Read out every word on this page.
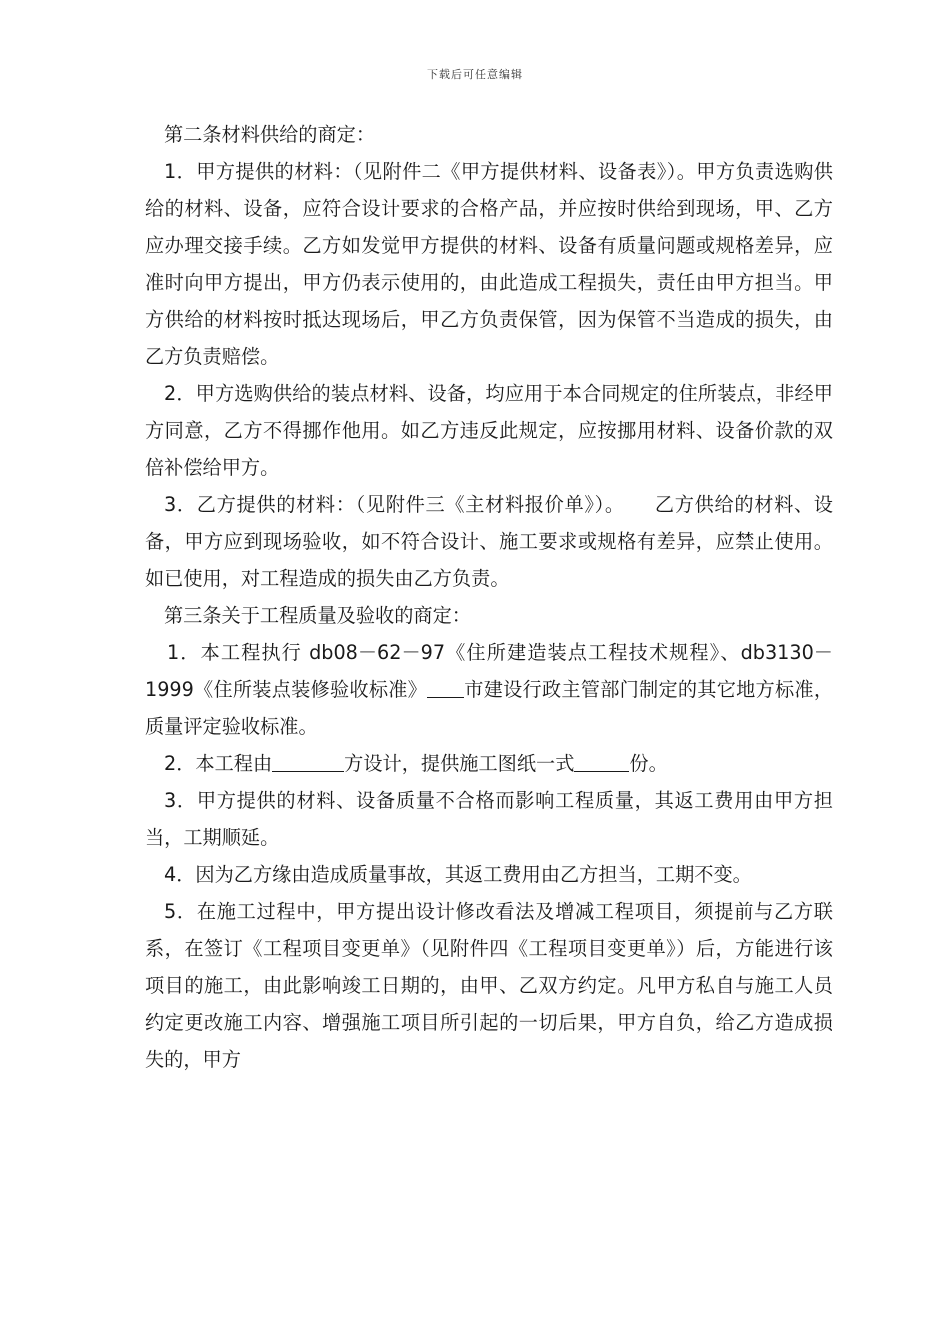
下载后可任意编辑

第二条材料供给的商定：

1．甲方提供的材料：（见附件二《甲方提供材料、设备表》）。甲方负责选购供给的材料、设备，应符合设计要求的合格产品，并应按时供给到现场，甲、乙方应办理交接手续。乙方如发觉甲方提供的材料、设备有质量问题或规格差异，应准时向甲方提出，甲方仍表示使用的，由此造成工程损失，责任由甲方担当。甲方供给的材料按时抵达现场后，甲乙方负责保管，因为保管不当造成的损失，由乙方负责赔偿。

2．甲方选购供给的装点材料、设备，均应用于本合同规定的住所装点，非经甲方同意，乙方不得挪作他用。如乙方违反此规定，应按挪用材料、设备价款的双倍补偿给甲方。

3．乙方提供的材料：（见附件三《主材料报价单》）。　　乙方供给的材料、设备，甲方应到现场验收，如不符合设计、施工要求或规格有差异，应禁止使用。如已使用，对工程造成的损失由乙方负责。

第三条关于工程质量及验收的商定：

1．本工程执行 db08－62－97《住所建造装点工程技术规程》、db3130－1999《住所装点装修验收标准》 市建设行政主管部门制定的其它地方标准，质量评定验收标准。

2．本工程由	方设计，提供施工图纸一式	份。

3．甲方提供的材料、设备质量不合格而影响工程质量，其返工费用由甲方担当，工期顺延。

4．因为乙方缘由造成质量事故，其返工费用由乙方担当，工期不变。

5．在施工过程中，甲方提出设计修改看法及增减工程项目，须提前与乙方联系，在签订《工程项目变更单》（见附件四《工程项目变更单》）后，方能进行该项目的施工，由此影响竣工日期的，由甲、乙双方约定。凡甲方私自与施工人员约定更改施工内容、增强施工项目所引起的一切后果，甲方自负，给乙方造成损失的，甲方
